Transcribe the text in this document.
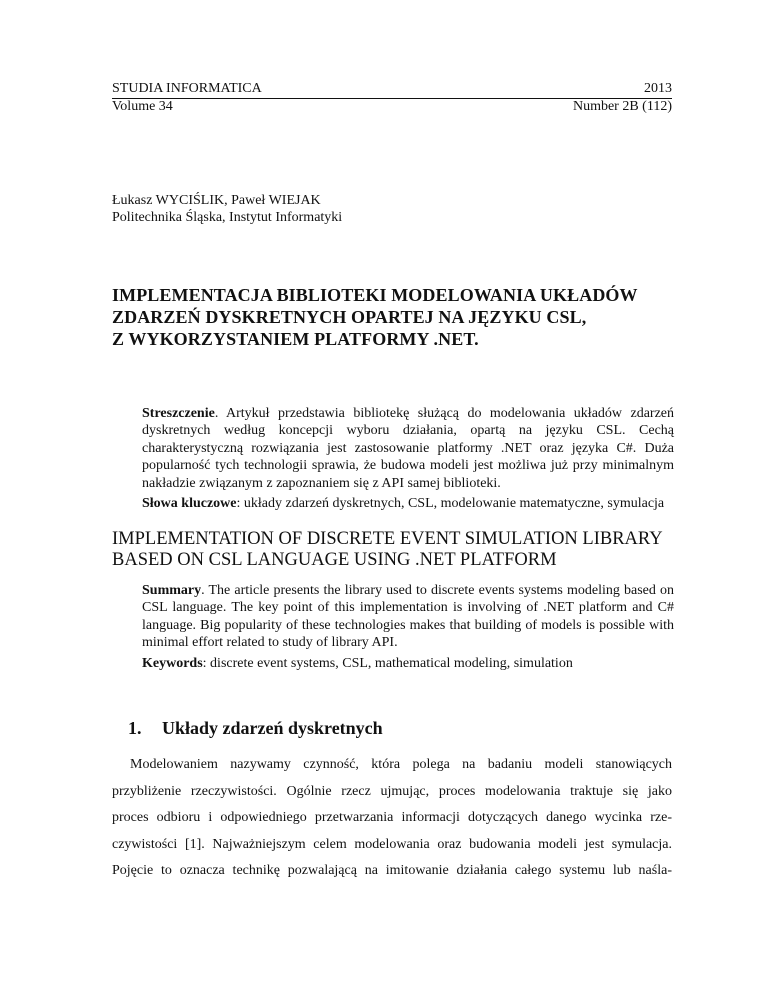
STUDIA INFORMATICA	2013
Volume 34	Number 2B (112)
Łukasz WYCIŚLIK, Paweł WIEJAK
Politechnika Śląska, Instytut Informatyki
IMPLEMENTACJA BIBLIOTEKI MODELOWANIA UKŁADÓW
ZDARZEŃ DYSKRETNYCH OPARTEJ NA JĘZYKU CSL,
Z WYKORZYSTANIEM PLATFORMY .NET.

Streszczenie. Artykuł przedstawia bibliotekę służącą do modelowania układów zdarzeń dyskretnych według koncepcji wyboru działania, opartą na języku CSL. Cechą charakterystyczną rozwiązania jest zastosowanie platformy .NET oraz języka C#. Duża popularność tych technologii sprawia, że budowa modeli jest możliwa już przy minimalnym nakładzie związanym z zapoznaniem się z API samej biblioteki.

Słowa kluczowe: układy zdarzeń dyskretnych, CSL, modelowanie matematyczne, symulacja

IMPLEMENTATION OF DISCRETE EVENT SIMULATION LIBRARY
BASED ON CSL LANGUAGE USING .NET PLATFORM

Summary. The article presents the library used to discrete events systems modeling based on CSL language. The key point of this implementation is involving of .NET platform and C# language. Big popularity of these technologies makes that building of models is possible with minimal effort related to study of library API.

Keywords: discrete event systems, CSL, mathematical modeling, simulation

1. Układy zdarzeń dyskretnych
Modelowaniem nazywamy czynność, która polega na badaniu modeli stanowiących
przybliżenie rzeczywistości. Ogólnie rzecz ujmując, proces modelowania traktuje się jako
proces odbioru i odpowiedniego przetwarzania informacji dotyczących danego wycinka rze-
czywistości [1]. Najważniejszym celem modelowania oraz budowania modeli jest symulacja.
Pojęcie to oznacza technikę pozwalającą na imitowanie działania całego systemu lub naśla-
